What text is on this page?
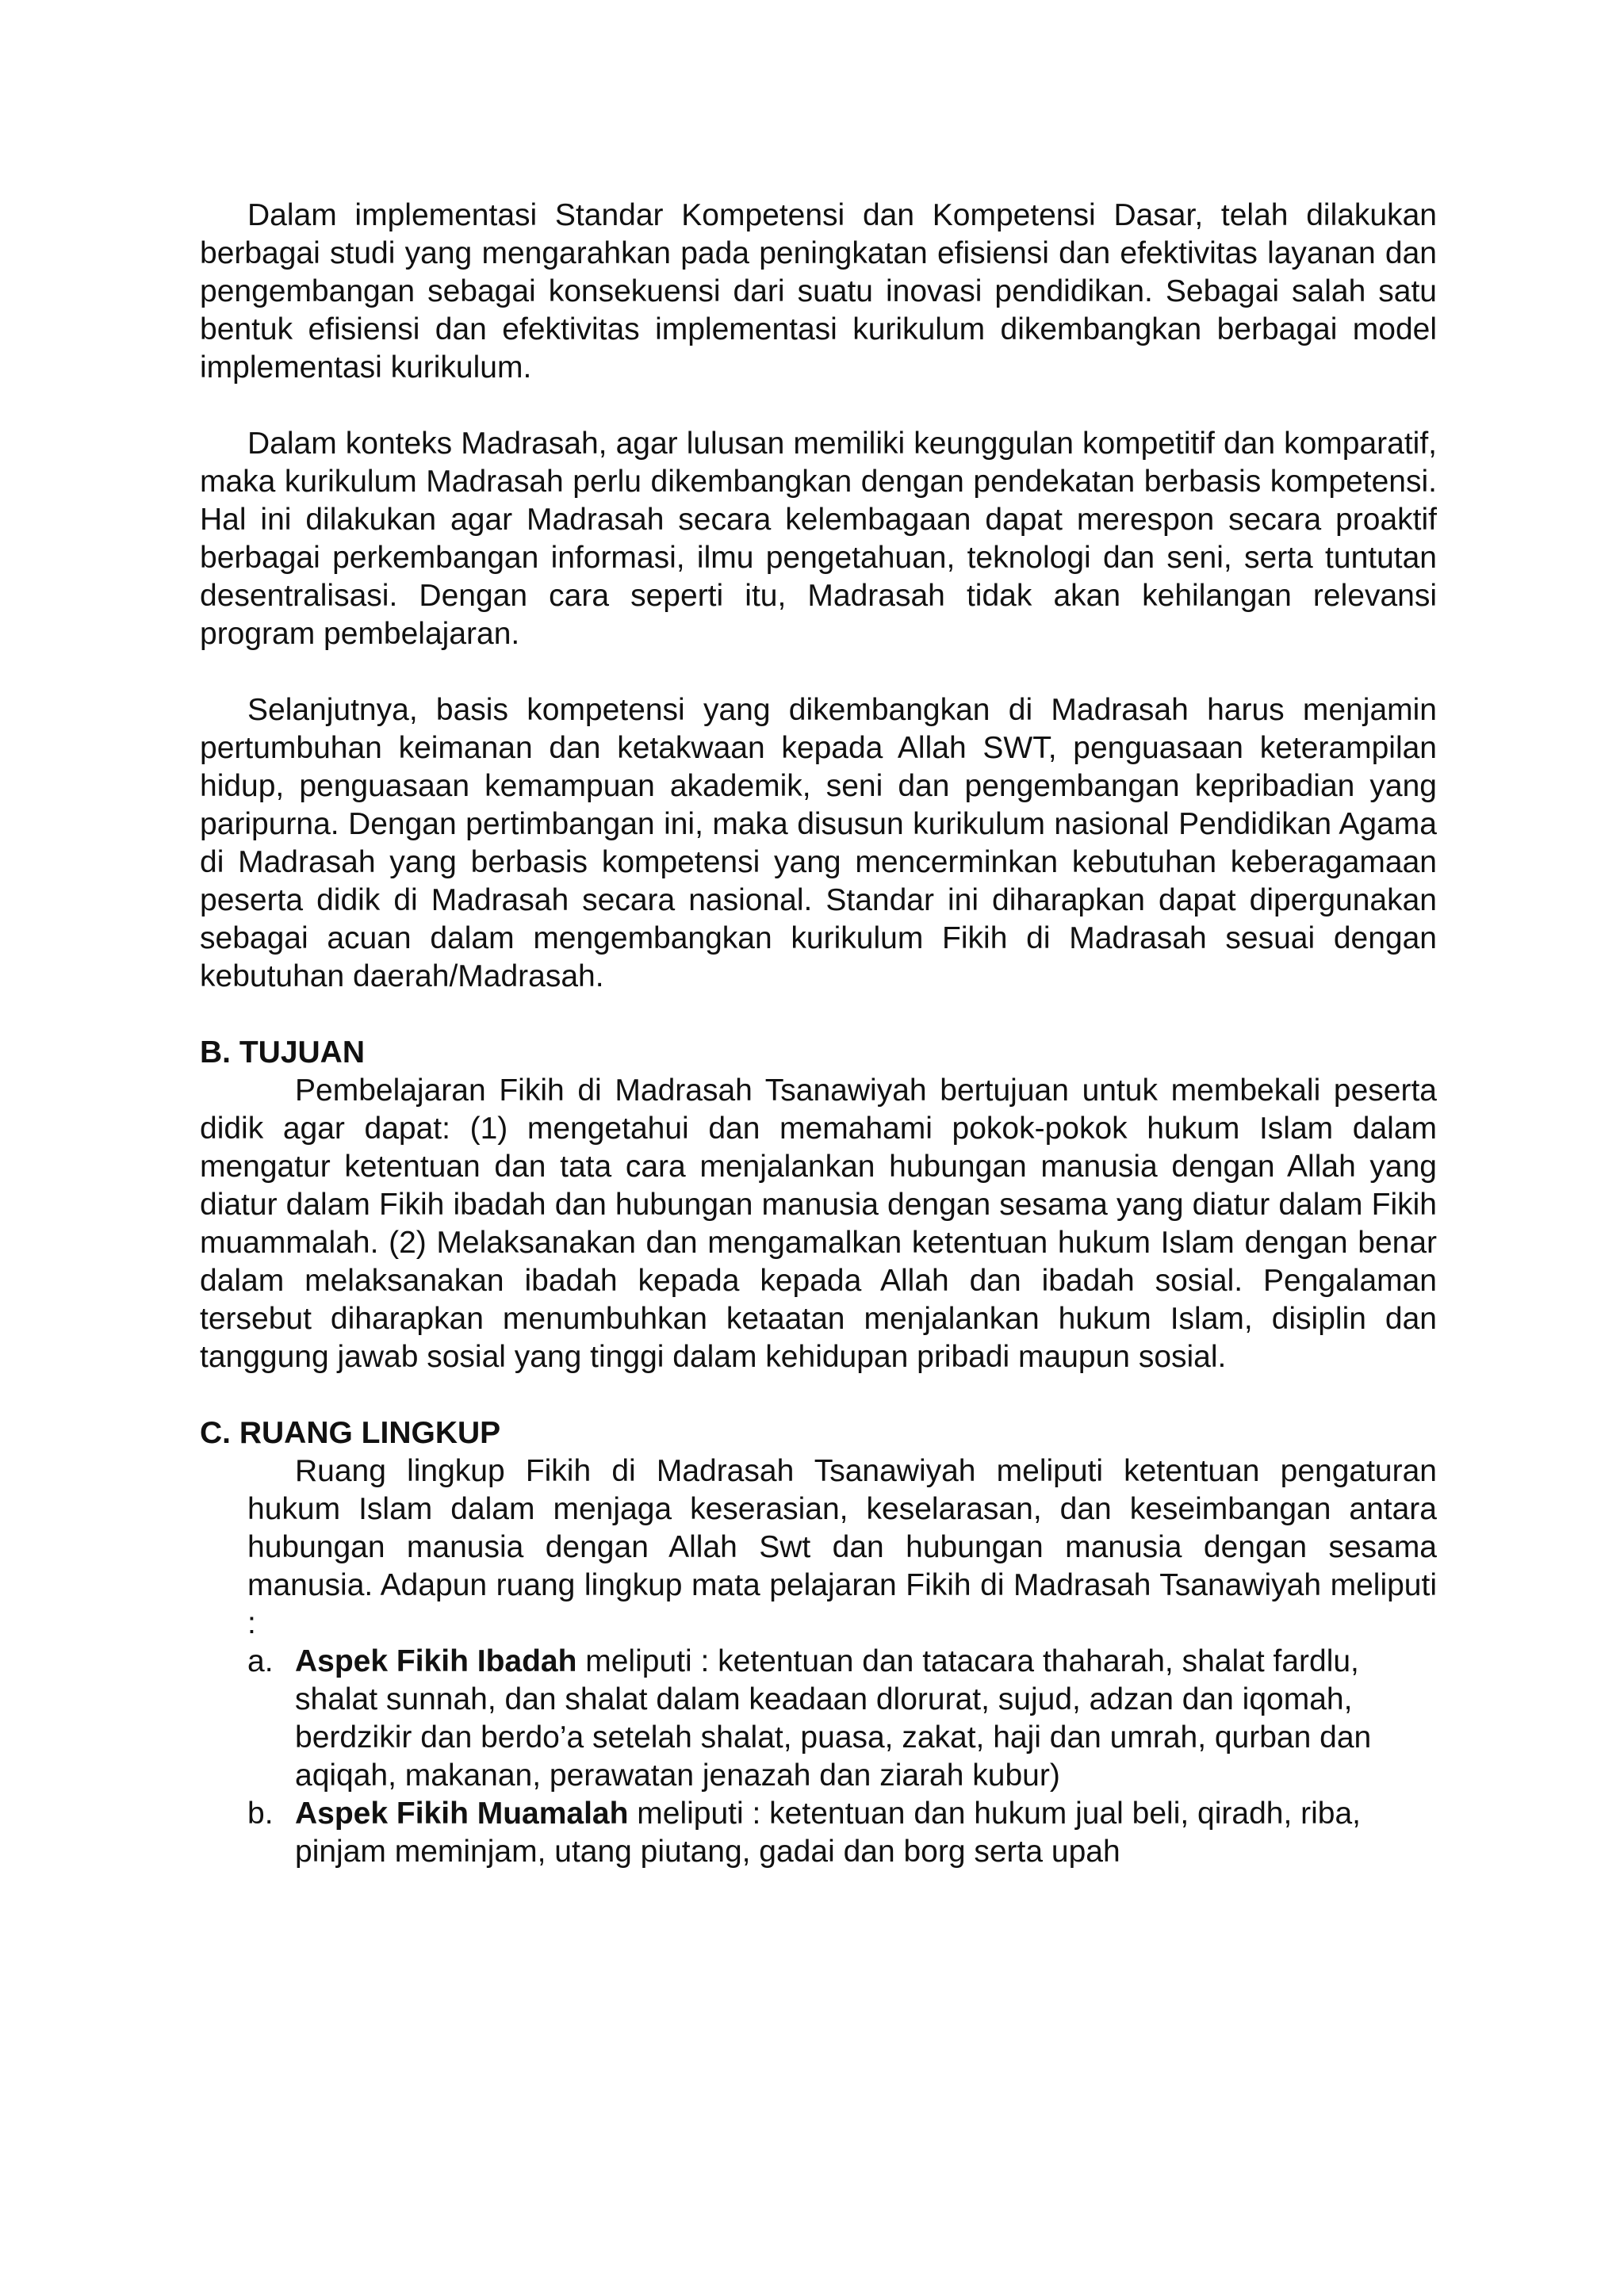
Dalam implementasi Standar Kompetensi dan Kompetensi Dasar, telah dilakukan berbagai studi yang mengarahkan pada peningkatan efisiensi dan efektivitas layanan dan pengembangan sebagai konsekuensi dari suatu inovasi pendidikan. Sebagai salah satu bentuk efisiensi dan efektivitas implementasi kurikulum dikembangkan berbagai model implementasi kurikulum.

Dalam konteks Madrasah, agar lulusan memiliki keunggulan kompetitif dan komparatif, maka kurikulum Madrasah perlu dikembangkan dengan pendekatan berbasis kompetensi. Hal ini dilakukan agar Madrasah secara kelembagaan dapat merespon secara proaktif berbagai perkembangan informasi, ilmu pengetahuan, teknologi dan seni, serta tuntutan desentralisasi. Dengan cara seperti itu, Madrasah tidak akan kehilangan relevansi program pembelajaran.

Selanjutnya, basis kompetensi yang dikembangkan di Madrasah harus menjamin pertumbuhan keimanan dan ketakwaan kepada Allah SWT, penguasaan keterampilan hidup, penguasaan kemampuan akademik, seni dan pengembangan kepribadian yang paripurna. Dengan pertimbangan ini, maka disusun kurikulum nasional Pendidikan Agama di Madrasah yang berbasis kompetensi yang mencerminkan kebutuhan keberagamaan peserta didik di Madrasah secara nasional. Standar ini diharapkan dapat dipergunakan sebagai acuan dalam mengembangkan kurikulum Fikih di Madrasah sesuai dengan kebutuhan daerah/Madrasah.

B. TUJUAN

Pembelajaran Fikih di Madrasah Tsanawiyah bertujuan untuk membekali peserta didik agar dapat: (1) mengetahui dan memahami pokok-pokok hukum Islam dalam mengatur ketentuan dan tata cara menjalankan hubungan manusia dengan Allah yang diatur dalam Fikih ibadah dan hubungan manusia dengan sesama yang diatur dalam Fikih muammalah. (2) Melaksanakan dan mengamalkan ketentuan hukum Islam dengan benar dalam melaksanakan ibadah kepada kepada Allah dan ibadah sosial. Pengalaman tersebut diharapkan menumbuhkan ketaatan menjalankan hukum Islam, disiplin dan tanggung jawab sosial yang tinggi dalam kehidupan pribadi maupun sosial.

C. RUANG LINGKUP

Ruang lingkup Fikih di Madrasah Tsanawiyah meliputi ketentuan pengaturan hukum Islam dalam menjaga keserasian, keselarasan, dan keseimbangan antara hubungan manusia dengan Allah Swt dan hubungan manusia dengan sesama manusia. Adapun ruang lingkup mata pelajaran Fikih di Madrasah Tsanawiyah meliputi :

a. Aspek Fikih Ibadah meliputi : ketentuan dan tatacara thaharah, shalat fardlu, shalat sunnah, dan shalat dalam keadaan dlorurat, sujud, adzan dan iqomah, berdzikir dan berdo’a setelah shalat, puasa, zakat, haji dan umrah, qurban dan aqiqah, makanan, perawatan jenazah dan ziarah kubur)
b. Aspek Fikih Muamalah meliputi : ketentuan dan hukum jual beli, qiradh, riba, pinjam meminjam, utang piutang, gadai dan borg serta upah
